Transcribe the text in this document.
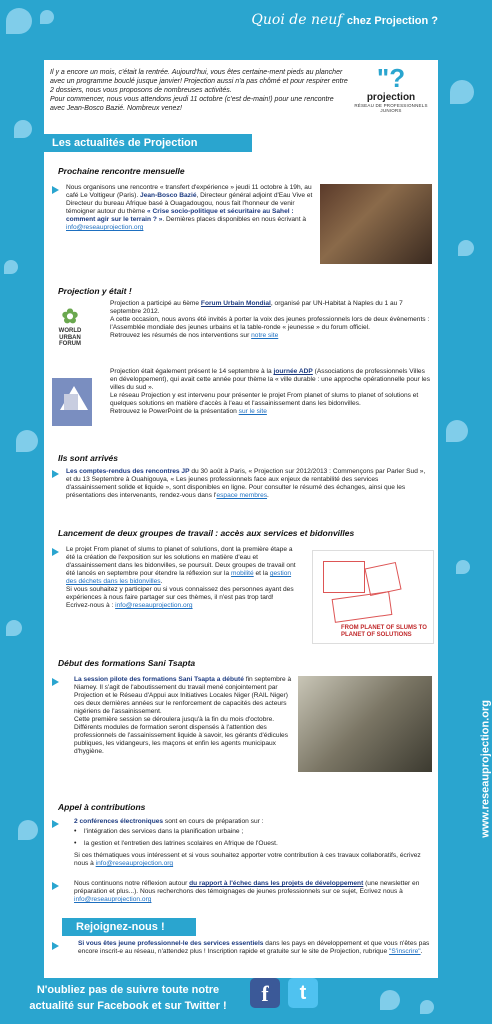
Quoi de neuf chez Projection ?
Il y a encore un mois, c'était la rentrée. Aujourd'hui, vous êtes certaine-ment pieds au plancher avec un programme bouclé jusque janvier! Projection aussi n'a pas chômé et pour respirer entre 2 dossiers, nous vous proposons de nombreuses activités.
Pour commencer, nous vous attendons jeudi 11 octobre (c'est de-main!) pour une rencontre avec Jean-Bosco Bazié. Nombreux venez!
"?
projection
RÉSEAU DE PROFESSIONNELS JUNIORS
Les actualités de Projection
Prochaine rencontre mensuelle
Nous organisons une rencontre « transfert d'expérience » jeudi 11 octobre à 19h, au café Le Voltigeur (Paris). Jean-Bosco Bazié, Directeur général adjoint d'Eau Vive et Directeur du bureau Afrique basé à Ouagadougou, nous fait l'honneur de venir témoigner autour du thème « Crise socio-politique et sécuritaire au Sahel : comment agir sur le terrain ? ». Dernières places disponibles en nous écrivant à info@reseauprojection.org
Projection y était !
✿
WORLD URBAN FORUM
Projection a participé au 6ème Forum Urbain Mondial, organisé par UN-Habitat à Naples du 1 au 7 septembre 2012.
A cette occasion, nous avons été invités à porter la voix des jeunes professionnels lors de deux évènements : l'Assemblée mondiale des jeunes urbains et la table-ronde « jeunesse » du forum officiel.
Retrouvez les résumés de nos interventions sur notre site
Projection était également présent le 14 septembre à la journée ADP (Associations de professionnels Villes en développement), qui avait cette année pour thème la « ville durable : une approche opérationnelle pour les villes du sud ».
Le réseau Projection y est intervenu pour présenter le projet From planet of slums to planet of solutions et quelques solutions en matière d'accès à l'eau et l'assainissement dans les bidonvilles.
Retrouvez le PowerPoint de la présentation sur le site
Ils sont arrivés
Les comptes-rendus des rencontres JP du 30 août à Paris, « Projection sur 2012/2013 : Commençons par Parler Sud », et du 13 Septembre à Ouahigouya, « Les jeunes professionnels face aux enjeux de rentabilité des services d'assainissement solide et liquide », sont disponibles en ligne. Pour consulter le résumé des échanges, ainsi que les présentations des intervenants, rendez-vous dans l'espace membres.
Lancement de deux groupes de travail : accès aux services et bidonvilles
Le projet From planet of slums to planet of solutions, dont la première étape a été la création de l'exposition sur les solutions en matière d'eau et d'assainissement dans les bidonvilles, se poursuit. Deux groupes de travail ont été lancés en septembre pour étendre la réflexion sur la mobilité et la gestion des déchets dans les bidonvilles.
Si vous souhaitez y participer ou si vous connaissez des personnes ayant des expériences à nous faire partager sur ces thèmes, il n'est pas trop tard!
Ecrivez-nous à : info@reseauprojection.org
FROM PLANET OF SLUMS TO PLANET OF SOLUTIONS
Début des formations Sani Tsapta
La session pilote des formations Sani Tsapta a débuté fin septembre à Niamey. Il s'agit de l'aboutissement du travail mené conjointement par Projection et le Réseau d'Appui aux Initiatives Locales Niger (RAIL Niger) ces deux dernières années sur le renforcement de capacités des acteurs nigériens de l'assainissement.
Cette première session se déroulera jusqu'à la fin du mois d'octobre. Différents modules de formation seront dispensés à l'attention des professionnels de l'assainissement liquide à savoir, les gérants d'édicules publiques, les vidangeurs, les maçons et enfin les agents municipaux d'hygiène.
Appel à contributions
2 conférences électroniques sont en cours de préparation sur :
• l'intégration des services dans la planification urbaine ;
• la gestion et l'entretien des latrines scolaires en Afrique de l'Ouest.
Si ces thématiques vous intéressent et si vous souhaitez apporter votre contribution à ces travaux collaboratifs, écrivez nous à info@reseauprojection.org
Nous continuons notre réflexion autour du rapport à l'échec dans les projets de développement (une newsletter en préparation et plus...). Nous recherchons des témoignages de jeunes professionnels sur ce sujet, Ecrivez nous à info@reseauprojection.org
Rejoignez-nous !
Si vous êtes jeune professionnel-le des services essentiels dans les pays en développement et que vous n'êtes pas encore inscrit-e au réseau, n'attendez plus ! Inscription rapide et gratuite sur le site de Projection, rubrique "S'inscrire".
www.reseauprojection.org
N'oubliez pas de suivre toute notre
actualité sur Facebook et sur Twitter !	f	t
